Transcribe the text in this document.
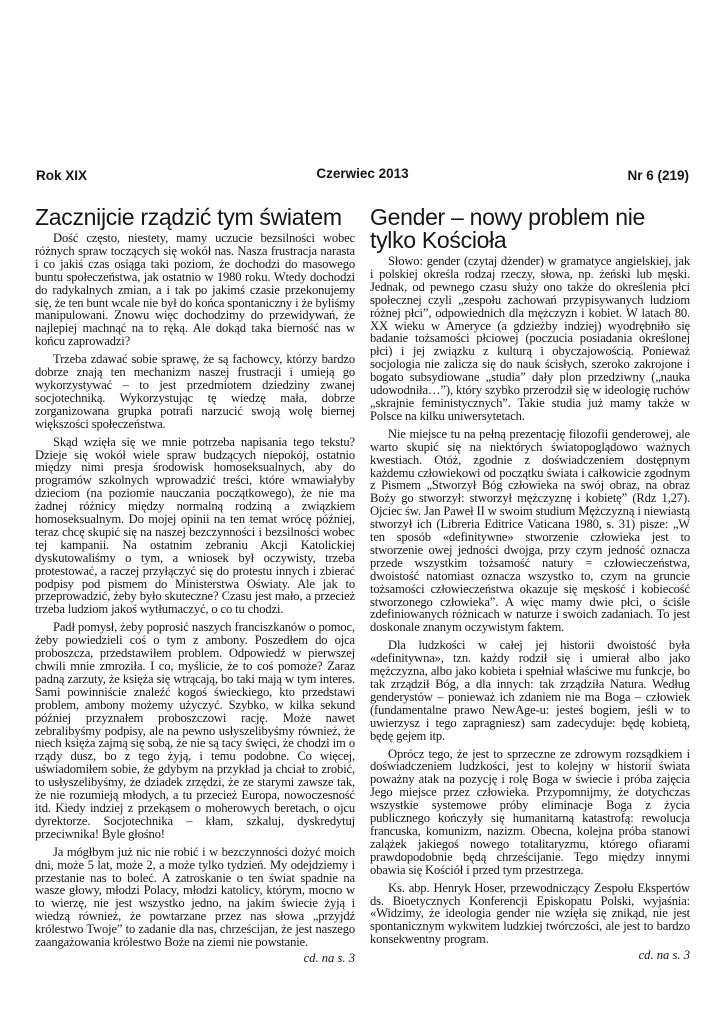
Rok XIX	Czerwiec 2013	Nr 6 (219)
Zacznijcie rządzić tym światem

Dość często, niestety, mamy uczucie bezsilności wobec różnych spraw toczących się wokół nas. Nasza frustracja narasta i co jakiś czas osiąga taki poziom, że dochodzi do masowego buntu społeczeństwa, jak ostatnio w 1980 roku. Wtedy dochodzi do radykalnych zmian, a i tak po jakimś czasie przekonujemy się, że ten bunt wcale nie był do końca spontaniczny i że byliśmy manipulowani. Znowu więc dochodzimy do przewidywań, że najlepiej machnąć na to ręką. Ale dokąd taka bierność nas w końcu zaprowadzi?

Trzeba zdawać sobie sprawę, że są fachowcy, którzy bardzo dobrze znają ten mechanizm naszej frustracji i umieją go wykorzystywać – to jest przedmiotem dziedziny zwanej socjotechniką. Wykorzystując tę wiedzę mała, dobrze zorganizowana grupka potrafi narzucić swoją wolę biernej większości społeczeństwa.

Skąd wzięła się we mnie potrzeba napisania tego tekstu? Dzieje się wokół wiele spraw budzących niepokój, ostatnio między nimi presja środowisk homoseksualnych, aby do programów szkolnych wprowadzić treści, które wmawiałyby dzieciom (na poziomie nauczania początkowego), że nie ma żadnej różnicy między normalną rodziną a związkiem homoseksualnym. Do mojej opinii na ten temat wrócę później, teraz chcę skupić się na naszej bezczynności i bezsilności wobec tej kampanii. Na ostatnim zebraniu Akcji Katolickiej dyskutowaliśmy o tym, a wniosek był oczywisty, trzeba protestować, a raczej przyłączyć się do protestu innych i zbierać podpisy pod pismem do Ministerstwa Oświaty. Ale jak to przeprowadzić, żeby było skuteczne? Czasu jest mało, a przecież trzeba ludziom jakoś wytłumaczyć, o co tu chodzi.

Padł pomysł, żeby poprosić naszych franciszkanów o pomoc, żeby powiedzieli coś o tym z ambony. Poszedłem do ojca proboszcza, przedstawiłem problem. Odpowiedź w pierwszej chwili mnie zmroziła. I co, myślicie, że to coś pomoże? Zaraz padną zarzuty, że księża się wtrącają, bo taki mają w tym interes. Sami powinniście znaleźć kogoś świeckiego, kto przedstawi problem, ambony możemy użyczyć. Szybko, w kilka sekund później przyznałem proboszczowi rację. Może nawet zebralibyśmy podpisy, ale na pewno usłyszelibyśmy również, że niech księża zajmą się sobą, że nie są tacy święci, że chodzi im o rządy dusz, bo z tego żyją, i temu podobne. Co więcej, uświadomiłem sobie, że gdybym na przykład ja chciał to zrobić, to usłyszelibyśmy, że dziadek zrzędzi, że ze starymi zawsze tak, że nie rozumieją młodych, a tu przecież Europa, nowoczesność itd. Kiedy indziej z przekąsem o moherowych beretach, o ojcu dyrektorze. Socjotechnika – kłam, szkaluj, dyskredytuj przeciwnika! Byle głośno!

Ja mógłbym już nic nie robić i w bezczynności dożyć moich dni, może 5 lat, może 2, a może tylko tydzień. My odejdziemy i przestanie nas to boleć. A zatroskanie o ten świat spadnie na wasze głowy, młodzi Polacy, młodzi katolicy, którym, mocno w to wierzę, nie jest wszystko jedno, na jakim świecie żyją i wiedzą również, że powtarzane przez nas słowa „przyjdź królestwo Twoje” to zadanie dla nas, chrześcijan, że jest naszego zaangażowania królestwo Boże na ziemi nie powstanie.

cd. na s. 3
Gender – nowy problem nie tylko Kościoła

Słowo: gender (czytaj dżender) w gramatyce angielskiej, jak i polskiej określa rodzaj rzeczy, słowa, np. żeński lub męski. Jednak, od pewnego czasu służy ono także do określenia płci społecznej czyli „zespołu zachowań przypisywanych ludziom różnej płci”, odpowiednich dla mężczyzn i kobiet. W latach 80. XX wieku w Ameryce (a gdzieżby indziej) wyodrębniło się badanie tożsamości płciowej (poczucia posiadania określonej płci) i jej związku z kulturą i obyczajowością. Ponieważ socjologia nie zalicza się do nauk ścisłych, szeroko zakrojone i bogato subsydiowane „studia” dały plon przedziwny („nauka udowodniła…”), który szybko przerodził się w ideologię ruchów „skrajnie feministycznych”. Takie studia już mamy także w Polsce na kilku uniwersytetach.

Nie miejsce tu na pełną prezentację filozofii genderowej, ale warto skupić się na niektórych światopoglądowo ważnych kwestiach. Otóż, zgodnie z doświadczeniem dostępnym każdemu człowiekowi od początku świata i całkowicie zgodnym z Pismem „Stworzył Bóg człowieka na swój obraz, na obraz Boży go stworzył: stworzył mężczyznę i kobietę” (Rdz 1,27). Ojciec św. Jan Paweł II w swoim studium Mężczyzną i niewiastą stworzył ich (Libreria Editrice Vaticana 1980, s. 31) pisze: „W ten sposób «definitywne» stworzenie człowieka jest to stworzenie owej jedności dwojga, przy czym jedność oznacza przede wszystkim tożsamość natury = człowieczeństwa, dwoistość natomiast oznacza wszystko to, czym na gruncie tożsamości człowieczeństwa okazuje się męskość i kobiecość stworzonego człowieka”. A więc mamy dwie płci, o ściśle zdefiniowanych różnicach w naturze i swoich zadaniach. To jest doskonale znanym oczywistym faktem.

Dla ludzkości w całej jej historii dwoistość była «definitywna», tzn. każdy rodził się i umierał albo jako mężczyzna, albo jako kobieta i spełniał właściwe mu funkcje, bo tak zrządził Bóg, a dla innych: tak zrządziła Natura. Według genderystów – ponieważ ich zdaniem nie ma Boga – człowiek (fundamentalne prawo NewAge-u: jesteś bogiem, jeśli w to uwierzysz i tego zapragniesz) sam zadecyduje: będę kobietą, będę gejem itp.

Oprócz tego, że jest to sprzeczne ze zdrowym rozsądkiem i doświadczeniem ludzkości, jest to kolejny w historii świata poważny atak na pozycję i rolę Boga w świecie i próba zajęcia Jego miejsce przez człowieka. Przypomnijmy, że dotychczas wszystkie systemowe próby eliminacje Boga z życia publicznego kończyły się humanitarną katastrofą: rewolucja francuska, komunizm, nazizm. Obecna, kolejna próba stanowi zalążek jakiegoś nowego totalitaryzmu, którego ofiarami prawdopodobnie będą chrześcijanie. Tego między innymi obawia się Kościół i przed tym przestrzega.

Ks. abp. Henryk Hoser, przewodniczący Zespołu Ekspertów ds. Bioetycznych Konferencji Episkopatu Polski, wyjaśnia: «Widzimy, że ideologia gender nie wzięła się znikąd, nie jest spontanicznym wykwitem ludzkiej twórczości, ale jest to bardzo konsekwentny program.

cd. na s. 3
